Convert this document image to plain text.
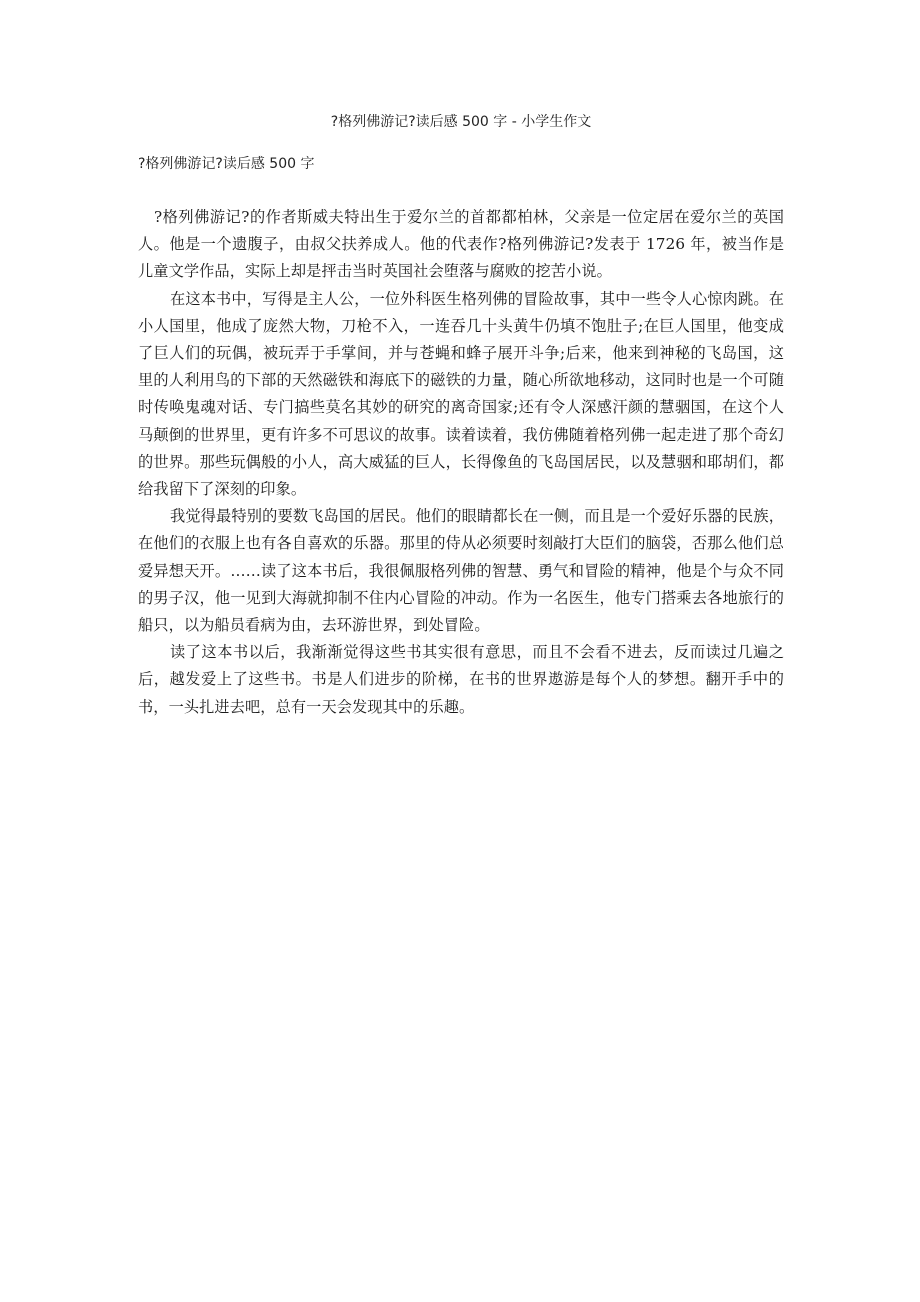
?格列佛游记?读后感 500 字 - 小学生作文
?格列佛游记?读后感 500 字

?格列佛游记?的作者斯威夫特出生于爱尔兰的首都都柏林，父亲是一位定居在爱尔兰的英国人。他是一个遗腹子，由叔父扶养成人。他的代表作?格列佛游记?发表于 1726 年，被当作是儿童文学作品，实际上却是抨击当时英国社会堕落与腐败的挖苦小说。

在这本书中，写得是主人公，一位外科医生格列佛的冒险故事，其中一些令人心惊肉跳。在小人国里，他成了庞然大物，刀枪不入，一连吞几十头黄牛仍填不饱肚子;在巨人国里，他变成了巨人们的玩偶，被玩弄于手掌间，并与苍蝇和蜂子展开斗争;后来，他来到神秘的飞岛国，这里的人利用鸟的下部的天然磁铁和海底下的磁铁的力量，随心所欲地移动，这同时也是一个可随时传唤鬼魂对话、专门搞些莫名其妙的研究的离奇国家;还有令人深感汗颜的慧骃国，在这个人马颠倒的世界里，更有许多不可思议的故事。读着读着，我仿佛随着格列佛一起走进了那个奇幻的世界。那些玩偶般的小人，高大威猛的巨人，长得像鱼的飞岛国居民，以及慧骃和耶胡们，都给我留下了深刻的印象。

我觉得最特别的要数飞岛国的居民。他们的眼睛都长在一侧，而且是一个爱好乐器的民族，在他们的衣服上也有各自喜欢的乐器。那里的侍从必须要时刻敲打大臣们的脑袋，否那么他们总爱异想天开。……读了这本书后，我很佩服格列佛的智慧、勇气和冒险的精神，他是个与众不同的男子汉，他一见到大海就抑制不住内心冒险的冲动。作为一名医生，他专门搭乘去各地旅行的船只，以为船员看病为由，去环游世界，到处冒险。

读了这本书以后，我渐渐觉得这些书其实很有意思，而且不会看不进去，反而读过几遍之后，越发爱上了这些书。书是人们进步的阶梯，在书的世界遨游是每个人的梦想。翻开手中的书，一头扎进去吧，总有一天会发现其中的乐趣。
